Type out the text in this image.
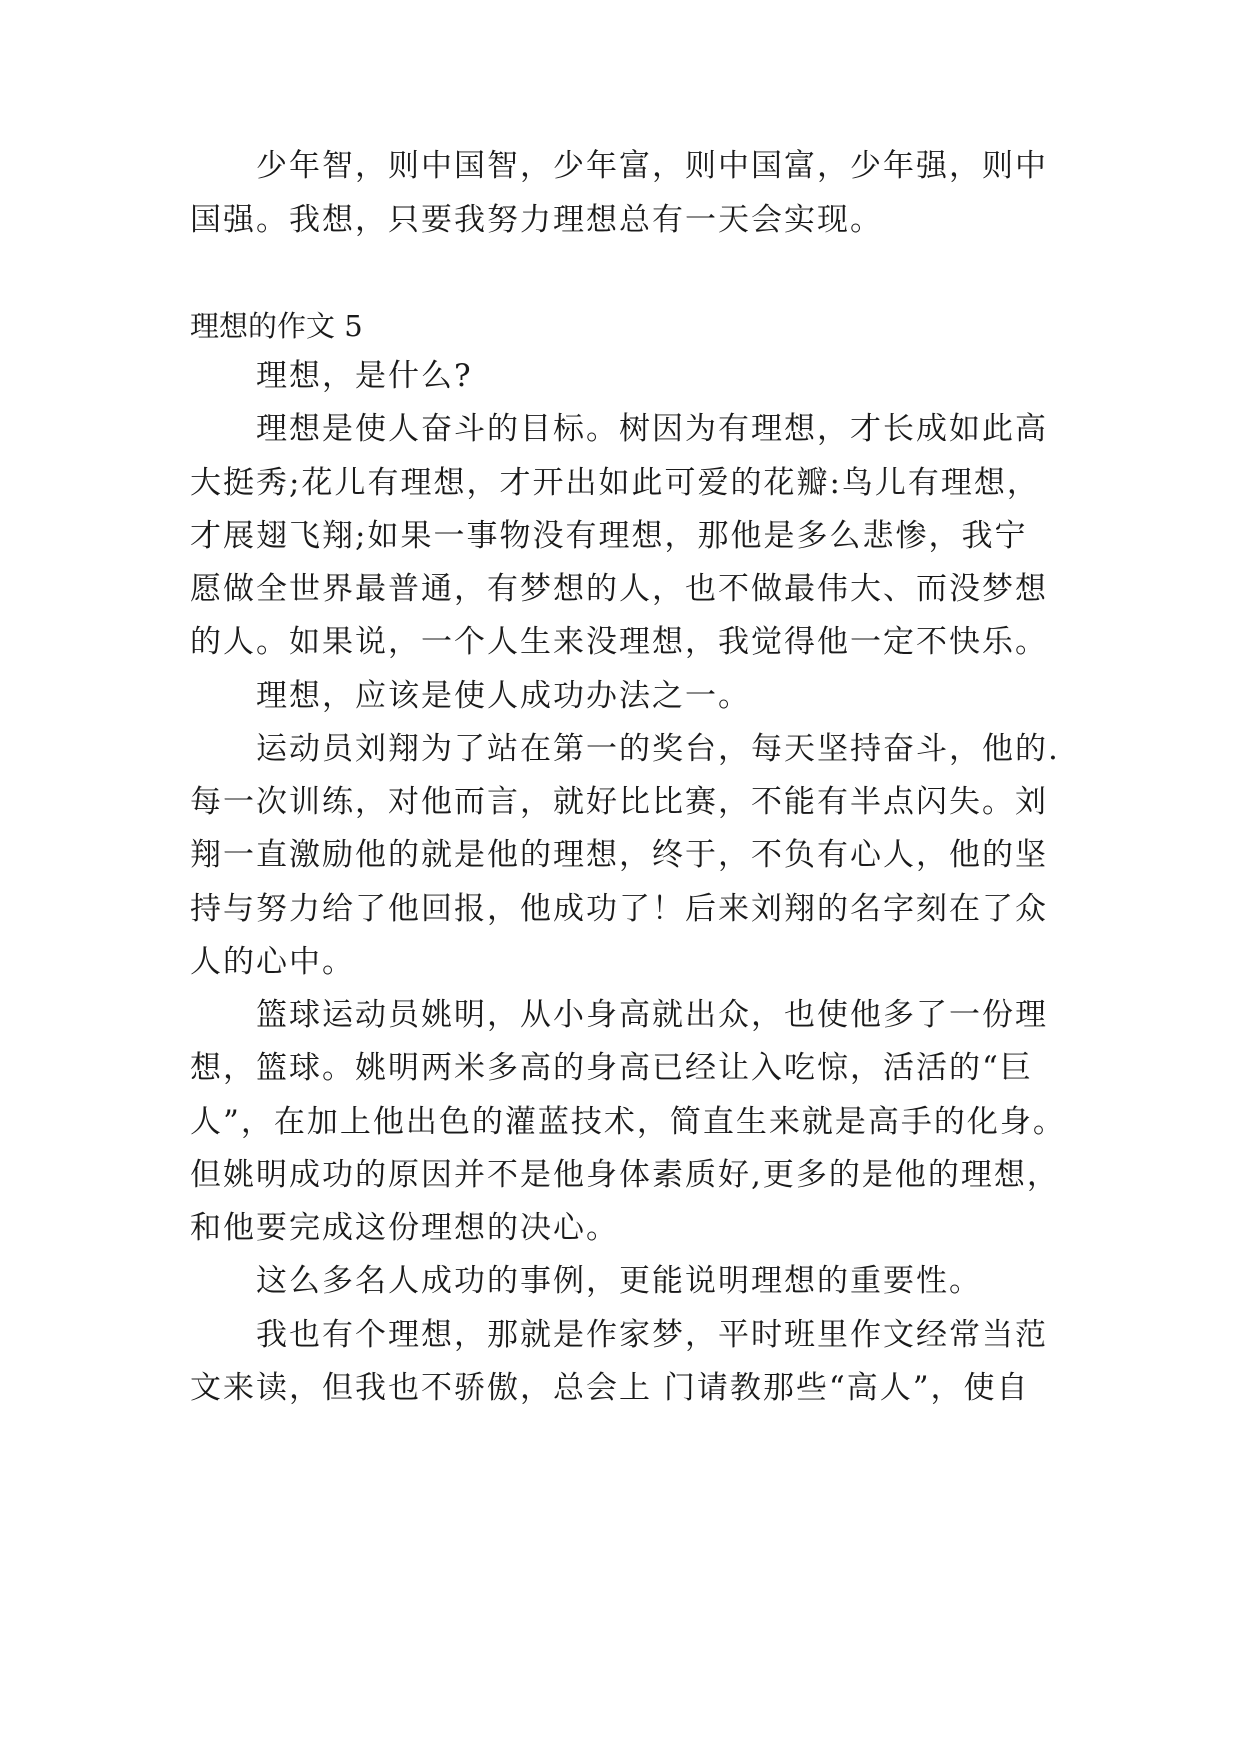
少年智，则中国智，少年富，则中国富，少年强，则中
国强。我想，只要我努力理想总有一天会实现。
理想的作文 5
理想，是什么?
理想是使人奋斗的目标。树因为有理想，才长成如此高
大挺秀;花儿有理想，才开出如此可爱的花瓣:鸟儿有理想，
才展翅飞翔;如果一事物没有理想，那他是多么悲惨，我宁
愿做全世界最普通，有梦想的人，也不做最伟大、而没梦想
的人。如果说，一个人生来没理想，我觉得他一定不快乐。
理想，应该是使人成功办法之一。
运动员刘翔为了站在第一的奖台，每天坚持奋斗，他的.
每一次训练，对他而言，就好比比赛，不能有半点闪失。刘
翔一直激励他的就是他的理想，终于，不负有心人，他的坚
持与努力给了他回报，他成功了！后来刘翔的名字刻在了众
人的心中。
篮球运动员姚明，从小身高就出众，也使他多了一份理
想，篮球。姚明两米多高的身高已经让入吃惊，活活的“巨
人”，在加上他出色的灌蓝技术，简直生来就是高手的化身。
但姚明成功的原因并不是他身体素质好,更多的是他的理想，
和他要完成这份理想的决心。
这么多名人成功的事例，更能说明理想的重要性。
我也有个理想，那就是作家梦，平时班里作文经常当范
文来读，但我也不骄傲，总会上 门请教那些“高人”，使自
